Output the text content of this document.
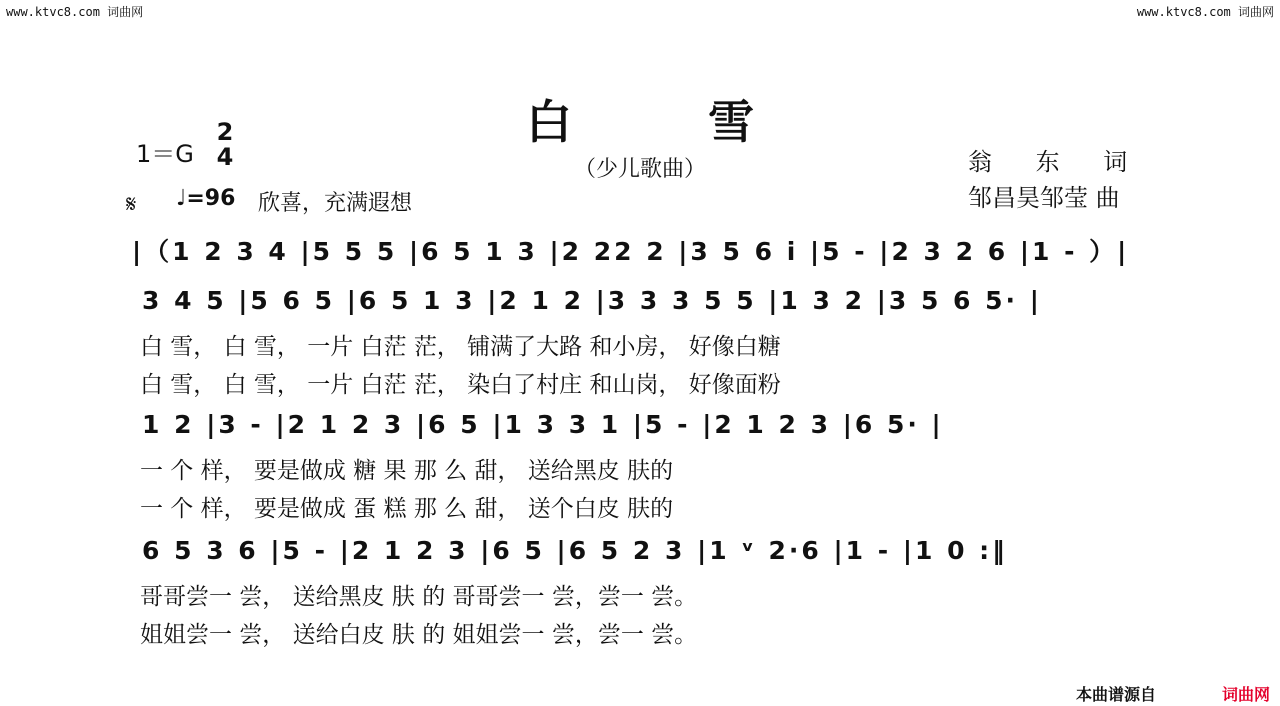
www.ktvc8.com 词曲网	www.ktvc8.com 词曲网
白 雪
（少儿歌曲）	翁 东 词
邹昌昊邹莹 曲
1＝G
2
4
𝄋 ♩=96 欣喜，充满遐想
|（1 2 3 4 |5 5 5 |6 5 1 3 |2 22 2 |3 5 6 i |5 - |2 3 2 6 |1 - ）|
3 4 5 |5 6 5 |6 5 1 3 |2 1 2 |3 3 3 5 5 |1 3 2 |3 5 6 5· |
白 雪， 白 雪， 一片 白茫 茫， 铺满了大路 和小房， 好像白糖
白 雪， 白 雪， 一片 白茫 茫， 染白了村庄 和山岗， 好像面粉
1 2 |3 - |2 1 2 3 |6 5 |1 3 3 1 |5 - |2 1 2 3 |6 5· |
一 个 样， 要是做成 糖 果 那 么 甜， 送给黑皮 肤的
一 个 样， 要是做成 蛋 糕 那 么 甜， 送个白皮 肤的
6 5 3 6 |5 - |2 1 2 3 |6 5 |6 5 2 3 |1 ᵛ 2·6 |1 - |1 0 :‖
哥哥尝一 尝， 送给黑皮 肤 的 哥哥尝一 尝，尝一 尝。
姐姐尝一 尝， 送给白皮 肤 的 姐姐尝一 尝，尝一 尝。
本曲谱源自	词曲网
